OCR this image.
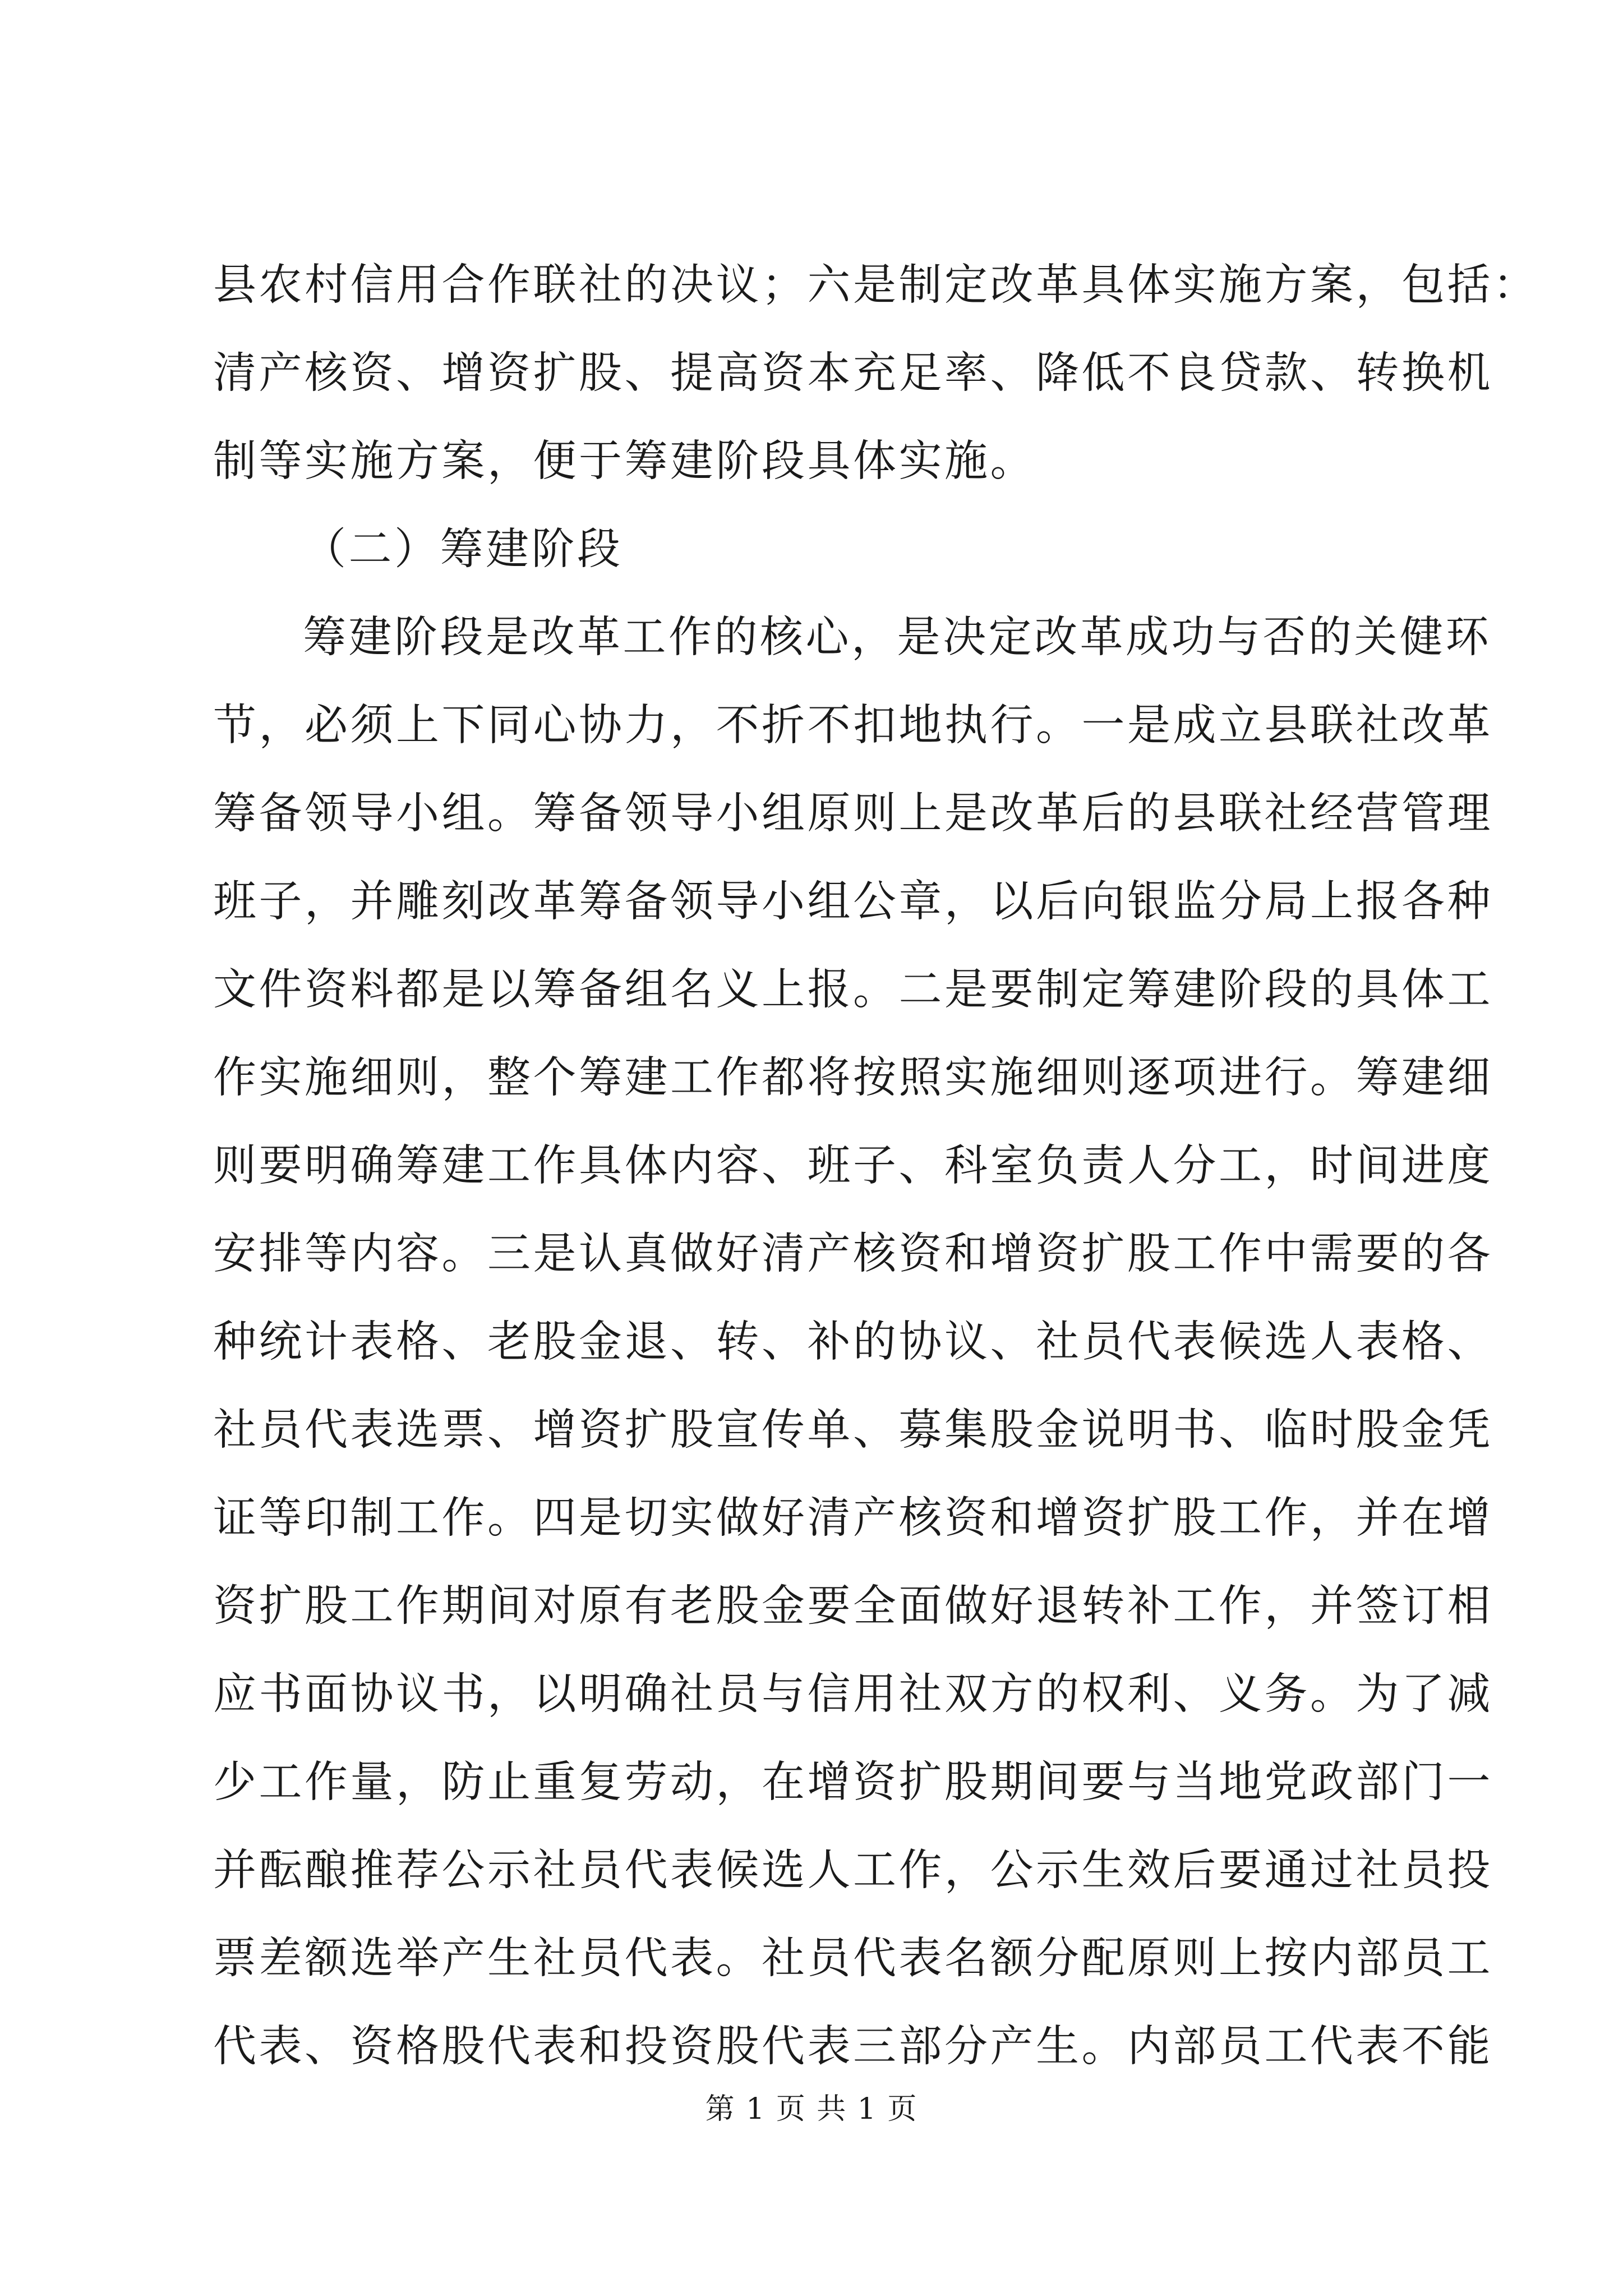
县农村信用合作联社的决议；六是制定改革具体实施方案，包括：
清产核资、增资扩股、提高资本充足率、降低不良贷款、转换机
制等实施方案，便于筹建阶段具体实施。
（二）筹建阶段
筹建阶段是改革工作的核心，是决定改革成功与否的关健环
节，必须上下同心协力，不折不扣地执行。一是成立县联社改革
筹备领导小组。筹备领导小组原则上是改革后的县联社经营管理
班子，并雕刻改革筹备领导小组公章，以后向银监分局上报各种
文件资料都是以筹备组名义上报。二是要制定筹建阶段的具体工
作实施细则，整个筹建工作都将按照实施细则逐项进行。筹建细
则要明确筹建工作具体内容、班子、科室负责人分工，时间进度
安排等内容。三是认真做好清产核资和增资扩股工作中需要的各
种统计表格、老股金退、转、补的协议、社员代表候选人表格、
社员代表选票、增资扩股宣传单、募集股金说明书、临时股金凭
证等印制工作。四是切实做好清产核资和增资扩股工作，并在增
资扩股工作期间对原有老股金要全面做好退转补工作，并签订相
应书面协议书，以明确社员与信用社双方的权利、义务。为了减
少工作量，防止重复劳动，在增资扩股期间要与当地党政部门一
并酝酿推荐公示社员代表候选人工作，公示生效后要通过社员投
票差额选举产生社员代表。社员代表名额分配原则上按内部员工
代表、资格股代表和投资股代表三部分产生。内部员工代表不能
第 1 页 共 1 页
